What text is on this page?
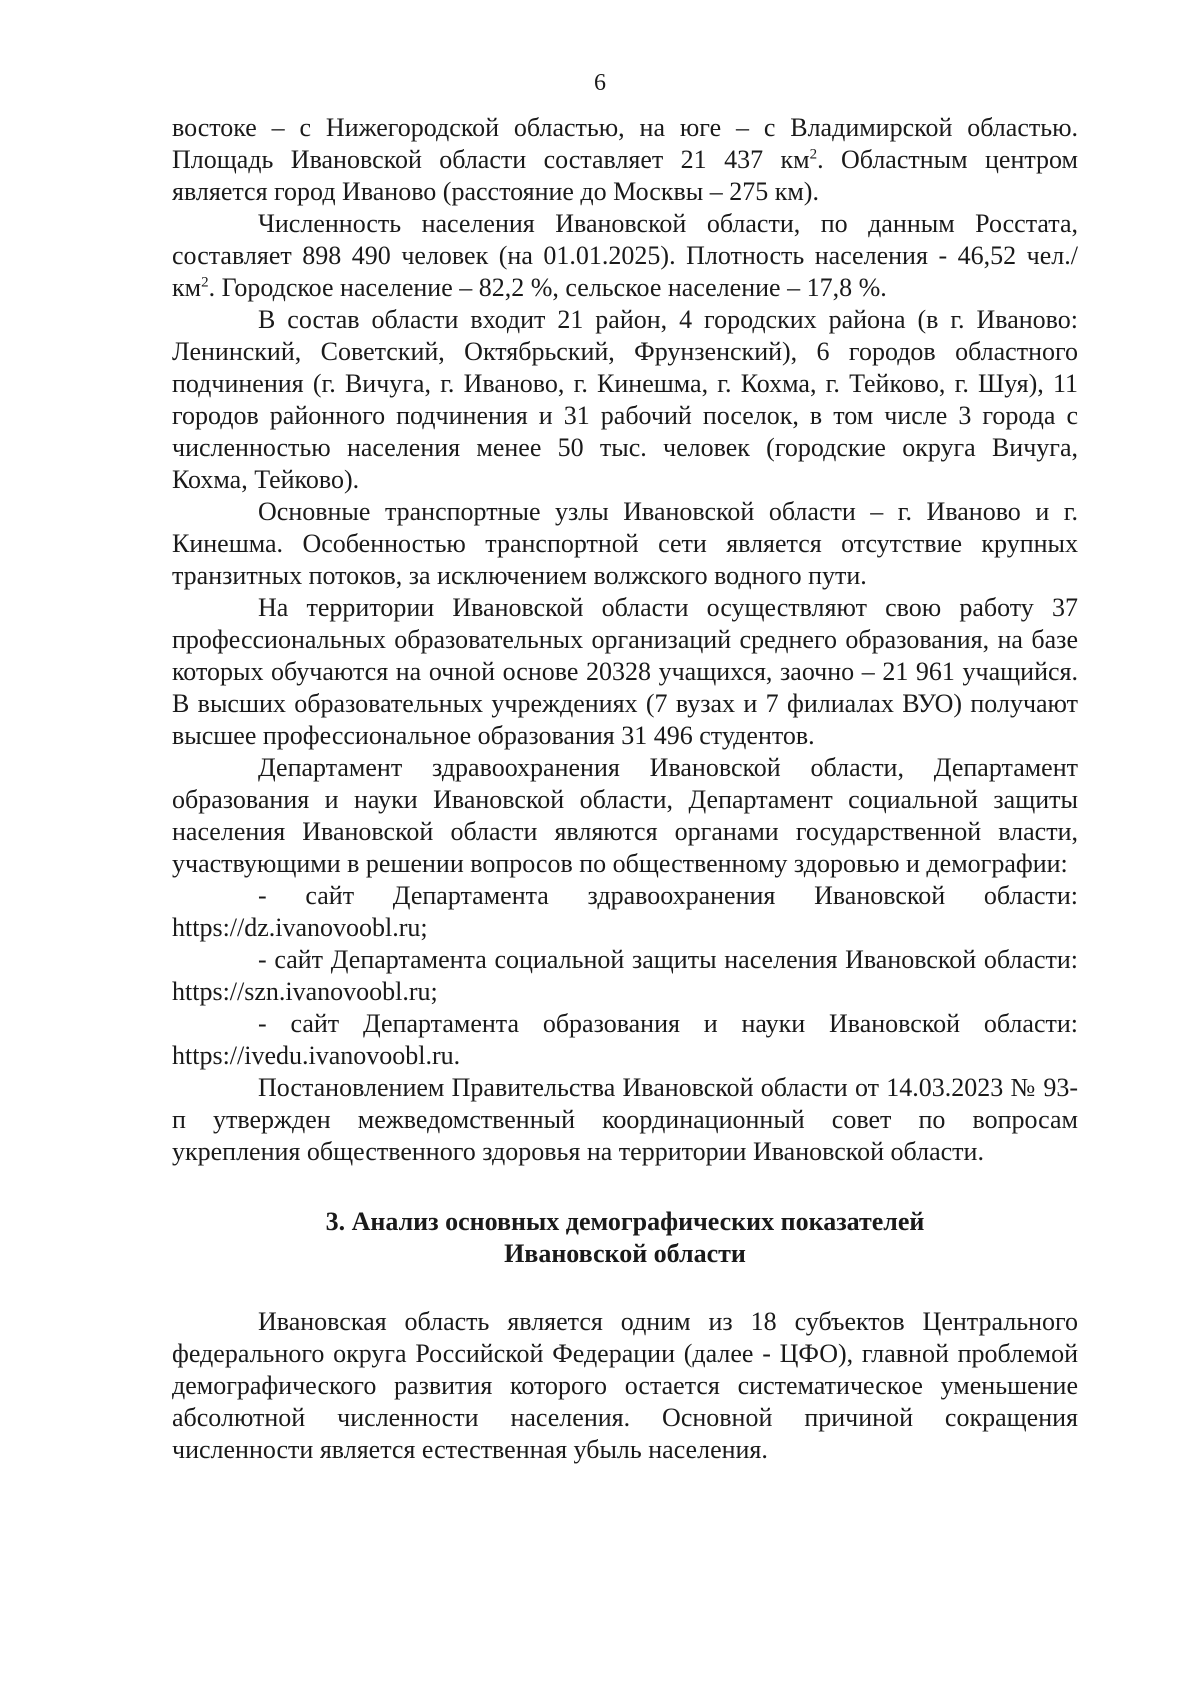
6

востоке – с Нижегородской областью, на юге – с Владимирской областью. Площадь Ивановской области составляет 21 437 $км^2$. Областным центром является город Иваново (расстояние до Москвы – 275 км).

Численность населения Ивановской области, по данным Росстата, составляет 898 490 человек (на 01.01.2025). Плотность населения - 46,52 $чел./км^2$. Городское население – 82,2 %, сельское население – 17,8 %.

В состав области входит 21 район, 4 городских района (в г. Иваново: Ленинский, Советский, Октябрьский, Фрунзенский), 6 городов областного подчинения (г. Вичуга, г. Иваново, г. Кинешма, г. Кохма, г. Тейково, г. Шуя), 11 городов районного подчинения и 31 рабочий поселок, в том числе 3 города с численностью населения менее 50 тыс. человек (городские округа Вичуга, Кохма, Тейково).

Основные транспортные узлы Ивановской области – г. Иваново и г. Кинешма. Особенностью транспортной сети является отсутствие крупных транзитных потоков, за исключением волжского водного пути.

На территории Ивановской области осуществляют свою работу 37 профессиональных образовательных организаций среднего образования, на базе которых обучаются на очной основе 20328 учащихся, заочно – 21 961 учащийся. В высших образовательных учреждениях (7 вузах и 7 филиалах ВУО) получают высшее профессиональное образования 31 496 студентов.

Департамент здравоохранения Ивановской области, Департамент образования и науки Ивановской области, Департамент социальной защиты населения Ивановской области являются органами государственной власти, участвующими в решении вопросов по общественному здоровью и демографии:

- сайт Департамента здравоохранения Ивановской области: https://dz.ivanovoobl.ru;

- сайт Департамента социальной защиты населения Ивановской области: https://szn.ivanovoobl.ru;

- сайт Департамента образования и науки Ивановской области: https://ivedu.ivanovoobl.ru.

Постановлением Правительства Ивановской области от 14.03.2023 № 93-п утвержден межведомственный координационный совет по вопросам укрепления общественного здоровья на территории Ивановской области.

3. Анализ основных демографических показателей
Ивановской области

Ивановская область является одним из 18 субъектов Центрального федерального округа Российской Федерации (далее - ЦФО), главной проблемой демографического развития которого остается систематическое уменьшение абсолютной численности населения. Основной причиной сокращения численности является естественная убыль населения.
